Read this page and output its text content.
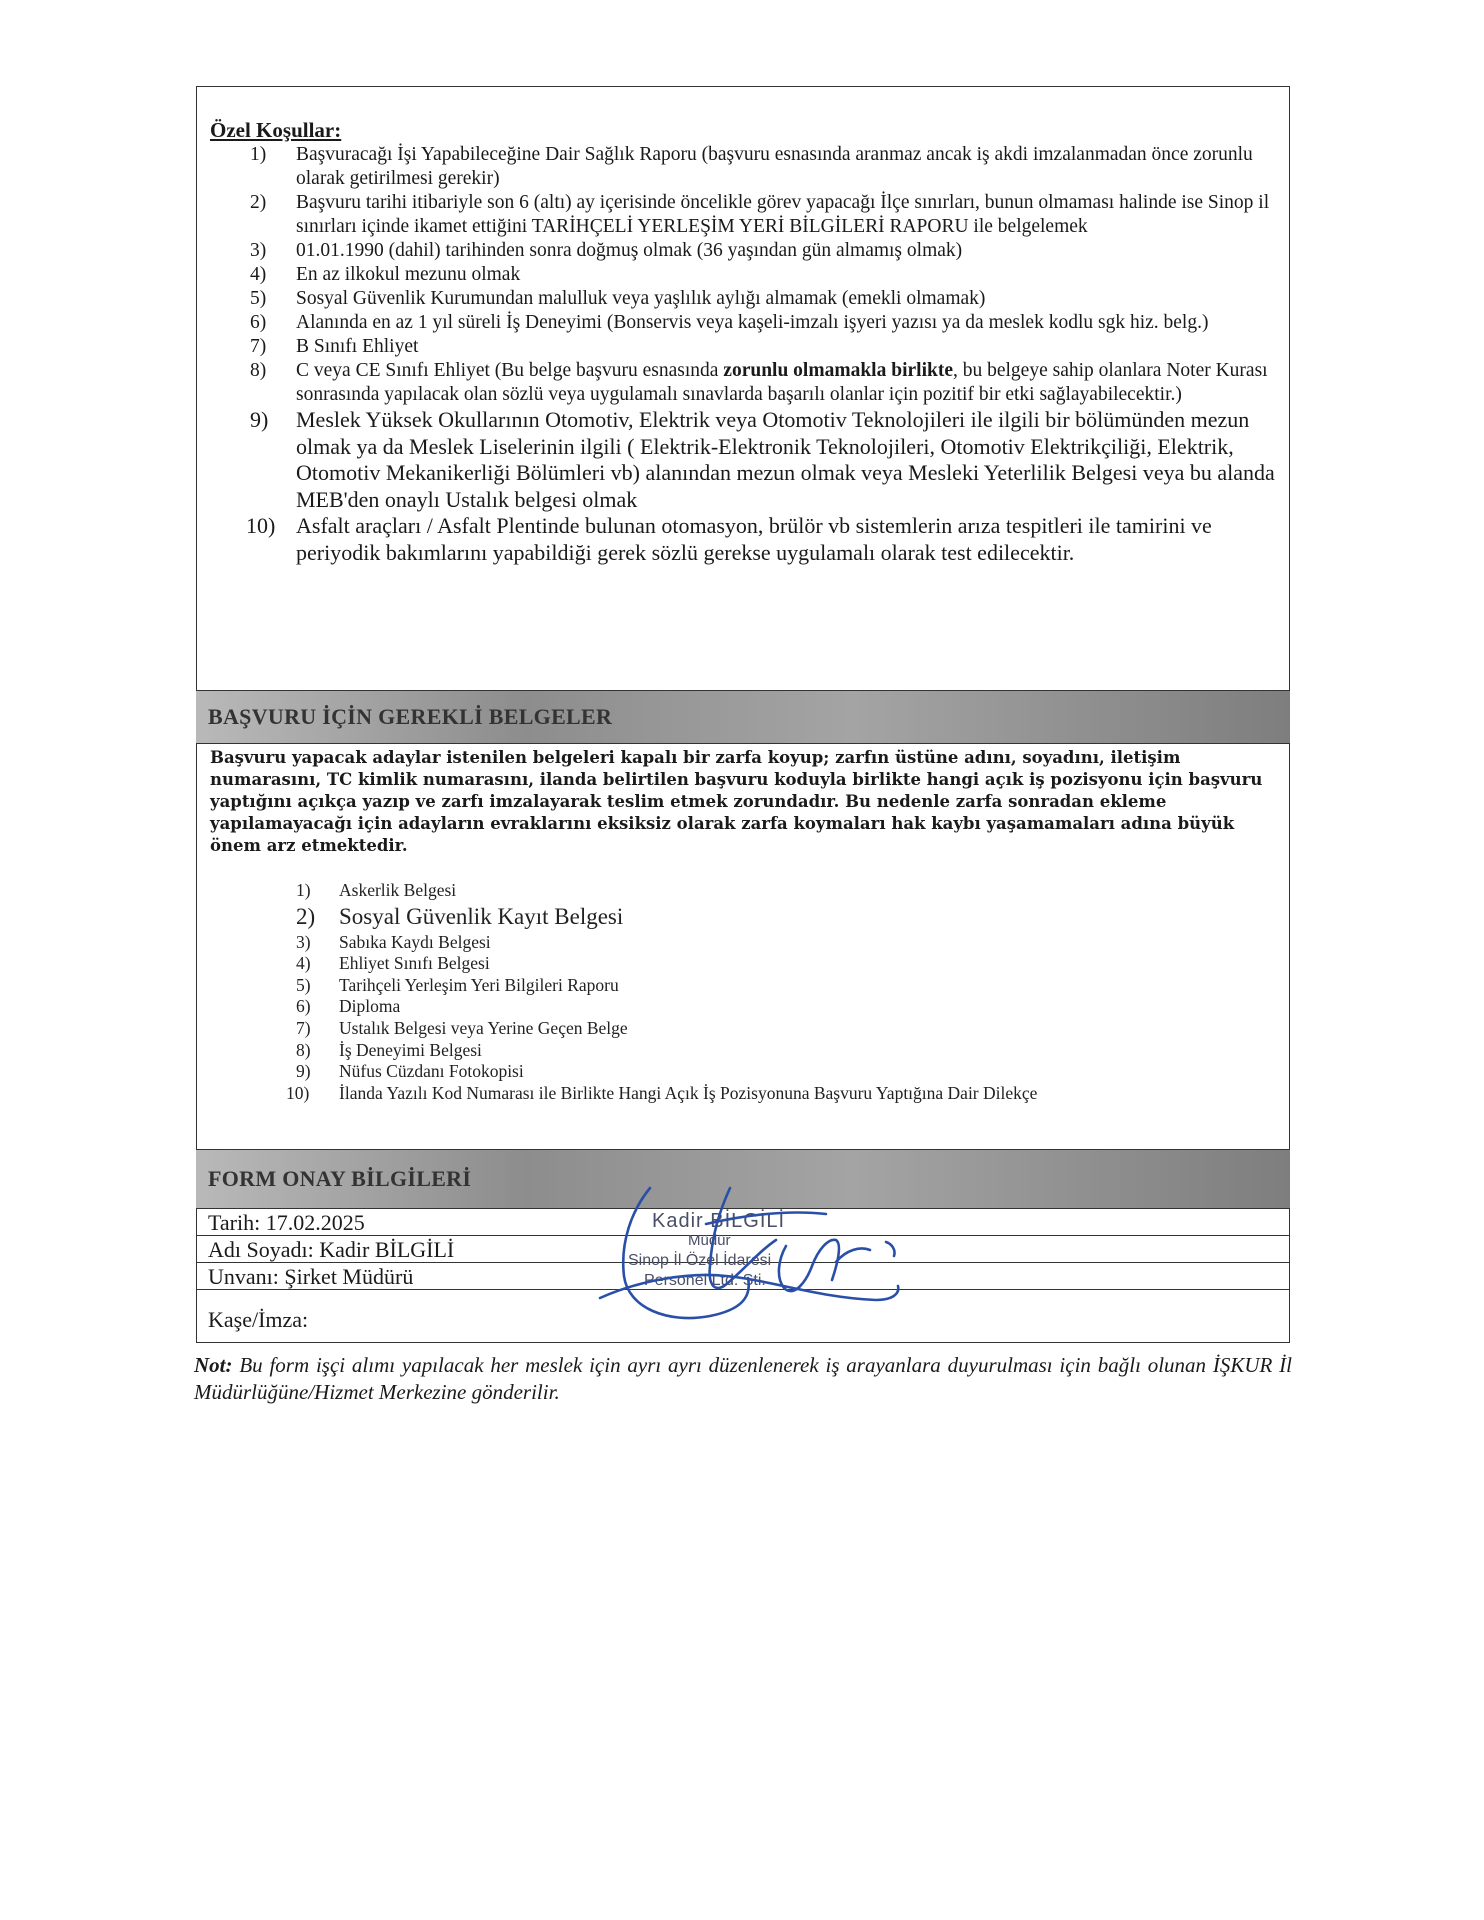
Özel Koşullar:
1) Başvuracağı İşi Yapabileceğine Dair Sağlık Raporu (başvuru esnasında aranmaz ancak iş akdi imzalanmadan önce zorunlu olarak getirilmesi gerekir)
2) Başvuru tarihi itibariyle son 6 (altı) ay içerisinde öncelikle görev yapacağı İlçe sınırları, bunun olmaması halinde ise Sinop il sınırları içinde ikamet ettiğini TARİHÇELİ YERLEŞİM YERİ BİLGİLERİ RAPORU ile belgelemek
3) 01.01.1990 (dahil) tarihinden sonra doğmuş olmak (36 yaşından gün almamış olmak)
4) En az ilkokul mezunu olmak
5) Sosyal Güvenlik Kurumundan malulluk veya yaşlılık aylığı almamak (emekli olmamak)
6) Alanında en az 1 yıl süreli İş Deneyimi (Bonservis veya kaşeli-imzalı işyeri yazısı ya da meslek kodlu sgk hiz. belg.)
7) B Sınıfı Ehliyet
8) C veya CE Sınıfı Ehliyet (Bu belge başvuru esnasında zorunlu olmamakla birlikte, bu belgeye sahip olanlara Noter Kurası sonrasında yapılacak olan sözlü veya uygulamalı sınavlarda başarılı olanlar için pozitif bir etki sağlayabilecektir.)
9) Meslek Yüksek Okullarının Otomotiv, Elektrik veya Otomotiv Teknolojileri ile ilgili bir bölümünden mezun olmak ya da Meslek Liselerinin ilgili ( Elektrik-Elektronik Teknolojileri, Otomotiv Elektrikçiliği, Elektrik, Otomotiv Mekanikerliği Bölümleri vb) alanından mezun olmak veya Mesleki Yeterlilik Belgesi veya bu alanda MEB'den onaylı Ustalık belgesi olmak
10) Asfalt araçları / Asfalt Plentinde bulunan otomasyon, brülör vb sistemlerin arıza tespitleri ile tamirini ve periyodik bakımlarını yapabildiği gerek sözlü gerekse uygulamalı olarak test edilecektir.
BAŞVURU İÇİN GEREKLİ BELGELER

Başvuru yapacak adaylar istenilen belgeleri kapalı bir zarfa koyup; zarfın üstüne adını, soyadını, iletişim numarasını, TC kimlik numarasını, ilanda belirtilen başvuru koduyla birlikte hangi açık iş pozisyonu için başvuru yaptığını açıkça yazıp ve zarfı imzalayarak teslim etmek zorundadır. Bu nedenle zarfa sonradan ekleme yapılamayacağı için adayların evraklarını eksiksiz olarak zarfa koymaları hak kaybı yaşamamaları adına büyük önem arz etmektedir.

1) Askerlik Belgesi
2) Sosyal Güvenlik Kayıt Belgesi
3) Sabıka Kaydı Belgesi
4) Ehliyet Sınıfı Belgesi
5) Tarihçeli Yerleşim Yeri Bilgileri Raporu
6) Diploma
7) Ustalık Belgesi veya Yerine Geçen Belge
8) İş Deneyimi Belgesi
9) Nüfus Cüzdanı Fotokopisi
10) İlanda Yazılı Kod Numarası ile Birlikte Hangi Açık İş Pozisyonuna Başvuru Yaptığına Dair Dilekçe
FORM ONAY BİLGİLERİ
Tarih: 17.02.2025
Adı Soyadı: Kadir BİLGİLİ
Unvanı: Şirket Müdürü
Kaşe/İmza:
Kadir BİLGİLİ
Müdür
Sinop İl Özel İdaresi
Personel Ltd. Şti.

Not: Bu form işçi alımı yapılacak her meslek için ayrı ayrı düzenlenerek iş arayanlara duyurulması için bağlı olunan İŞKUR İl Müdürlüğüne/Hizmet Merkezine gönderilir.
